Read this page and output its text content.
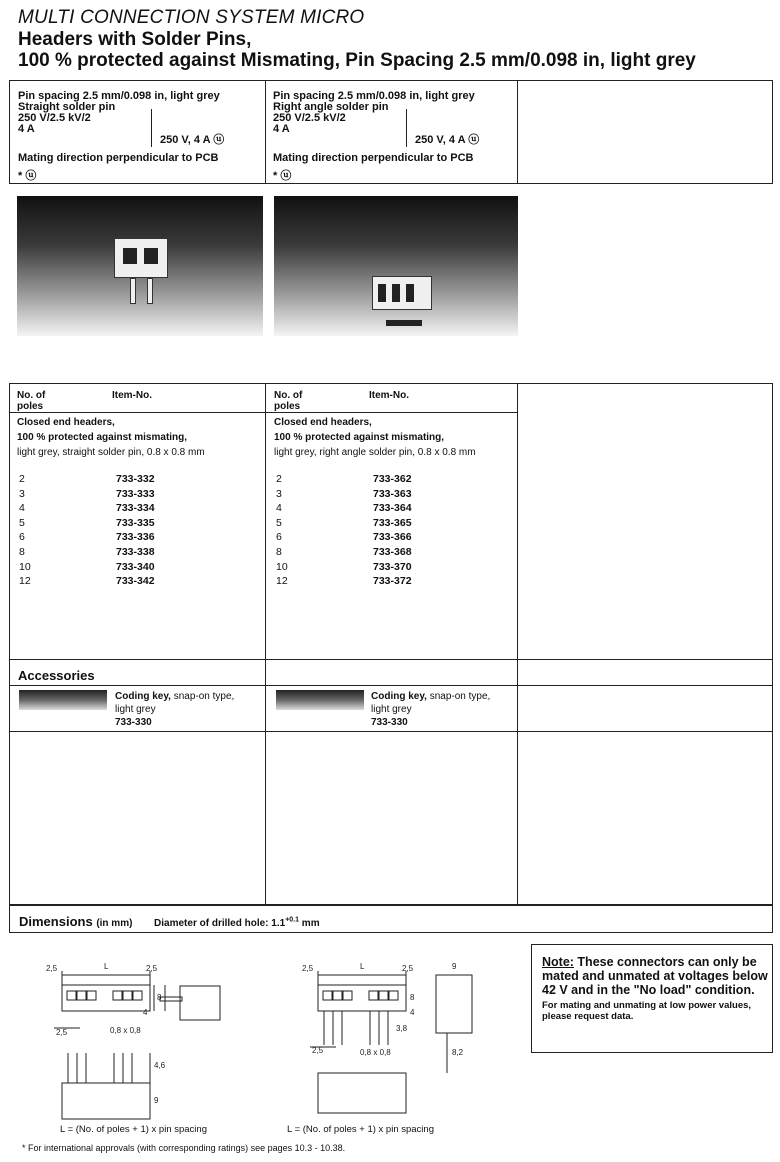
MULTI CONNECTION SYSTEM MICRO
Headers with Solder Pins,
100 % protected against Mismating, Pin Spacing 2.5 mm/0.098 in, light grey
Pin spacing 2.5 mm/0.098 in, light grey
Straight solder pin
250 V/2.5 kV/2
4 A
250 V, 4 A ⓤ
Mating direction perpendicular to PCB
* ⓤ
Pin spacing 2.5 mm/0.098 in, light grey
Right angle solder pin
250 V/2.5 kV/2
4 A
250 V, 4 A ⓤ
Mating direction perpendicular to PCB
* ⓤ
No. of
poles
Item-No.	No. of
poles
Item-No.
Closed end headers,
100 % protected against mismating,
light grey, straight solder pin, 0.8 x 0.8 mm
Closed end headers,
100 % protected against mismating,
light grey, right angle solder pin, 0.8 x 0.8 mm
2	733-332
3	733-333
4	733-334
5	733-335
6	733-336
8	733-338
10	733-340
12	733-342
2	733-362
3	733-363
4	733-364
5	733-365
6	733-366
8	733-368
10	733-370
12	733-372
Accessories
Coding key, snap-on type,
light grey
733-330
Coding key, snap-on type,
light grey
733-330
Dimensions (in mm) Diameter of drilled hole: $1.1^{+0.1}$ mm
2,5	L	2,5
8
4
2,5	0,8 x 0,8
4,6
9
2,5	L	2,5
8
4
3,8
2,5	0,8 x 0,8
9
8,2
L = (No. of poles + 1) x pin spacing	L = (No. of poles + 1) x pin spacing
Note: These connectors can only be mated and unmated at voltages below 42 V and in the "No load" condition.
For mating and unmating at low power values, please request data.
* For international approvals (with corresponding ratings) see pages 10.3 - 10.38.
